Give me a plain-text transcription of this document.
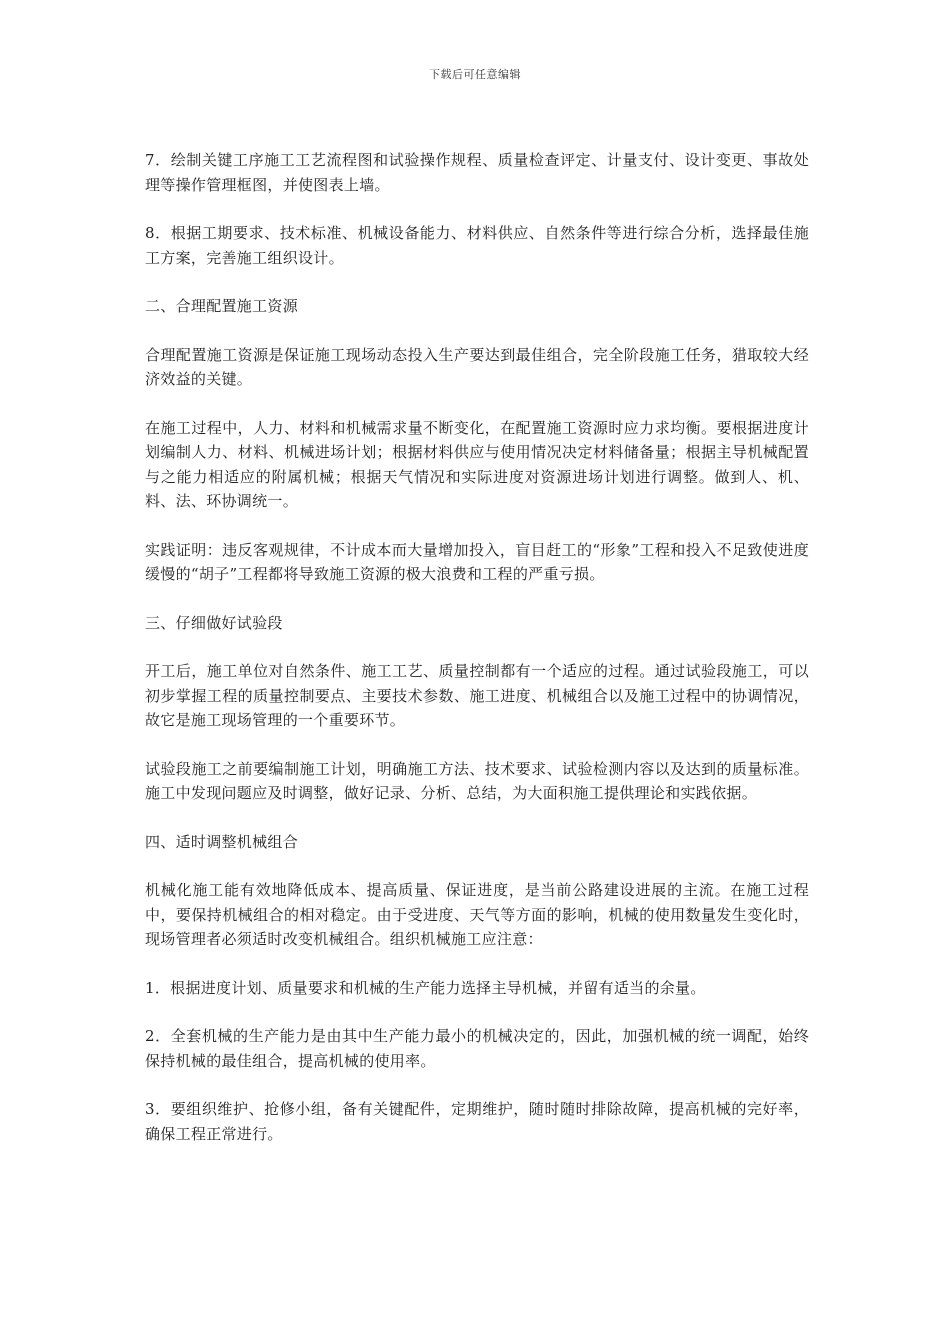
下载后可任意编辑

7．绘制关键工序施工工艺流程图和试验操作规程、质量检查评定、计量支付、设计变更、事故处理等操作管理框图，并使图表上墙。

8．根据工期要求、技术标准、机械设备能力、材料供应、自然条件等进行综合分析，选择最佳施工方案，完善施工组织设计。

二、合理配置施工资源

合理配置施工资源是保证施工现场动态投入生产要达到最佳组合，完全阶段施工任务，猎取较大经济效益的关键。

在施工过程中，人力、材料和机械需求量不断变化，在配置施工资源时应力求均衡。要根据进度计划编制人力、材料、机械进场计划；根据材料供应与使用情况决定材料储备量；根据主导机械配置与之能力相适应的附属机械；根据天气情况和实际进度对资源进场计划进行调整。做到人、机、料、法、环协调统一。

实践证明：违反客观规律，不计成本而大量增加投入，盲目赶工的“形象”工程和投入不足致使进度缓慢的“胡子”工程都将导致施工资源的极大浪费和工程的严重亏损。

三、仔细做好试验段

开工后，施工单位对自然条件、施工工艺、质量控制都有一个适应的过程。通过试验段施工，可以初步掌握工程的质量控制要点、主要技术参数、施工进度、机械组合以及施工过程中的协调情况，故它是施工现场管理的一个重要环节。

试验段施工之前要编制施工计划，明确施工方法、技术要求、试验检测内容以及达到的质量标准。施工中发现问题应及时调整，做好记录、分析、总结，为大面积施工提供理论和实践依据。

四、适时调整机械组合

机械化施工能有效地降低成本、提高质量、保证进度，是当前公路建设进展的主流。在施工过程中，要保持机械组合的相对稳定。由于受进度、天气等方面的影响，机械的使用数量发生变化时，现场管理者必须适时改变机械组合。组织机械施工应注意：

1．根据进度计划、质量要求和机械的生产能力选择主导机械，并留有适当的余量。

2．全套机械的生产能力是由其中生产能力最小的机械决定的，因此，加强机械的统一调配，始终保持机械的最佳组合，提高机械的使用率。

3．要组织维护、抢修小组，备有关键配件，定期维护，随时随时排除故障，提高机械的完好率，确保工程正常进行。
